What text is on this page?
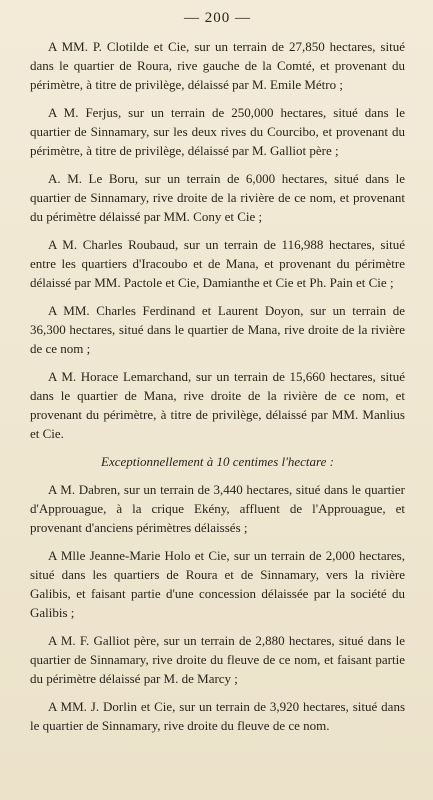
— 200 —

A MM. P. Clotilde et Cie, sur un terrain de 27,850 hectares, situé dans le quartier de Roura, rive gauche de la Comté, et provenant du périmètre, à titre de privilège, délaissé par M. Emile Métro ;

A M. Ferjus, sur un terrain de 250,000 hectares, situé dans le quartier de Sinnamary, sur les deux rives du Courcibo, et provenant du périmètre, à titre de privilège, délaissé par M. Galliot père ;

A. M. Le Boru, sur un terrain de 6,000 hectares, situé dans le quartier de Sinnamary, rive droite de la rivière de ce nom, et provenant du périmètre délaissé par MM. Cony et Cie ;

A M. Charles Roubaud, sur un terrain de 116,988 hectares, situé entre les quartiers d'Iracoubo et de Mana, et provenant du périmètre délaissé par MM. Pactole et Cie, Damianthe et Cie et Ph. Pain et Cie ;

A MM. Charles Ferdinand et Laurent Doyon, sur un terrain de 36,300 hectares, situé dans le quartier de Mana, rive droite de la rivière de ce nom ;

A M. Horace Lemarchand, sur un terrain de 15,660 hectares, situé dans le quartier de Mana, rive droite de la rivière de ce nom, et provenant du périmètre, à titre de privilège, délaissé par MM. Manlius et Cie.

Exceptionnellement à 10 centimes l'hectare :

A M. Dabren, sur un terrain de 3,440 hectares, situé dans le quartier d'Approuague, à la crique Ekény, affluent de l'Approuague, et provenant d'anciens périmètres délaissés ;

A Mlle Jeanne-Marie Holo et Cie, sur un terrain de 2,000 hectares, situé dans les quartiers de Roura et de Sinnamary, vers la rivière Galibis, et faisant partie d'une concession délaissée par la société du Galibis ;

A M. F. Galliot père, sur un terrain de 2,880 hectares, situé dans le quartier de Sinnamary, rive droite du fleuve de ce nom, et faisant partie du périmètre délaissé par M. de Marcy ;

A MM. J. Dorlin et Cie, sur un terrain de 3,920 hectares, situé dans le quartier de Sinnamary, rive droite du fleuve de ce nom.
